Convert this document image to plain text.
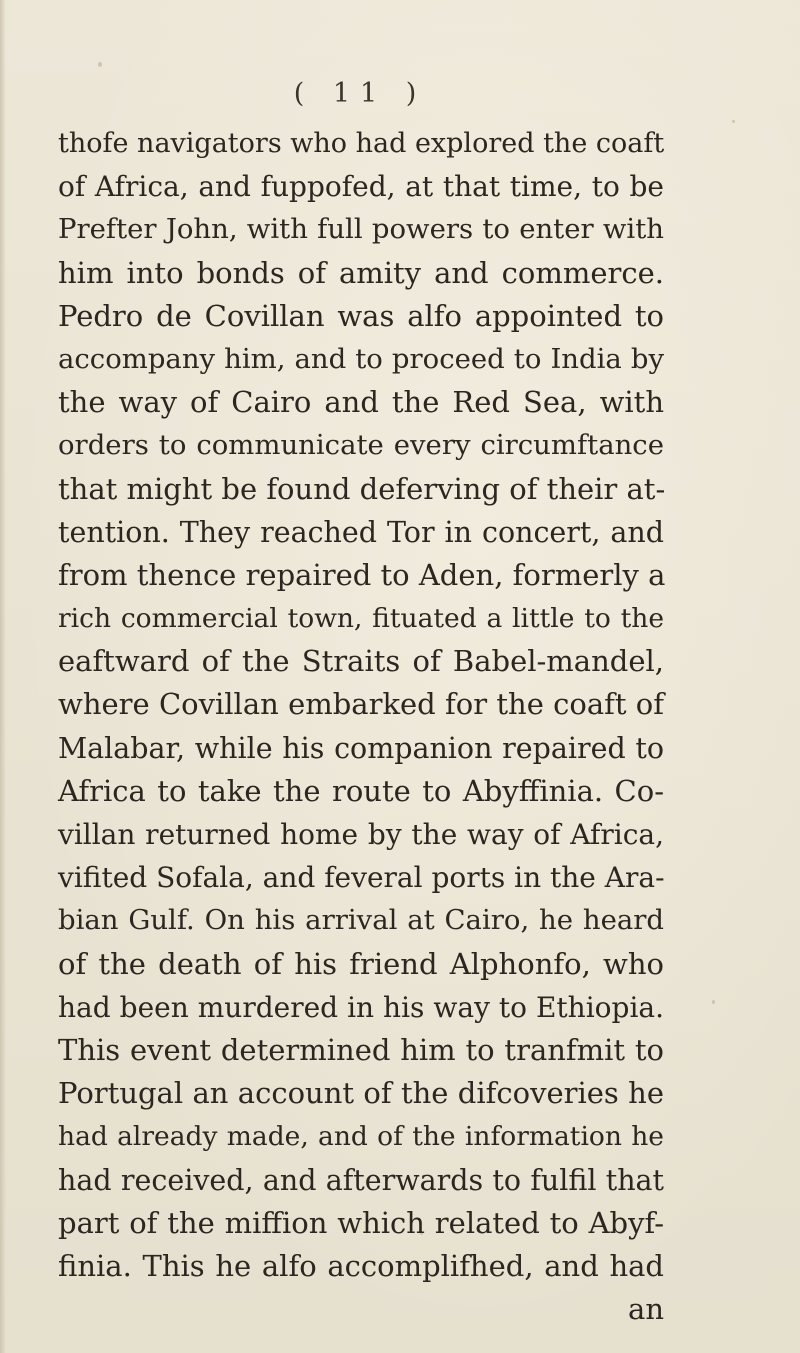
( 11 )
thofe navigators who had explored the coaft
of Africa, and fuppofed, at that time, to be
Prefter John, with full powers to enter with
him into bonds of amity and commerce.
Pedro de Covillan was alfo appointed to
accompany him, and to proceed to India by
the way of Cairo and the Red Sea, with
orders to communicate every circumftance
that might be found deferving of their at-
tention. They reached Tor in concert, and
from thence repaired to Aden, formerly a
rich commercial town, fituated a little to the
eaftward of the Straits of Babel-mandel,
where Covillan embarked for the coaft of
Malabar, while his companion repaired to
Africa to take the route to Abyffinia. Co-
villan returned home by the way of Africa,
vifited Sofala, and feveral ports in the Ara-
bian Gulf. On his arrival at Cairo, he heard
of the death of his friend Alphonfo, who
had been murdered in his way to Ethiopia.
This event determined him to tranfmit to
Portugal an account of the difcoveries he
had already made, and of the information he
had received, and afterwards to fulfil that
part of the miffion which related to Abyf-
finia. This he alfo accomplifhed, and had
an
